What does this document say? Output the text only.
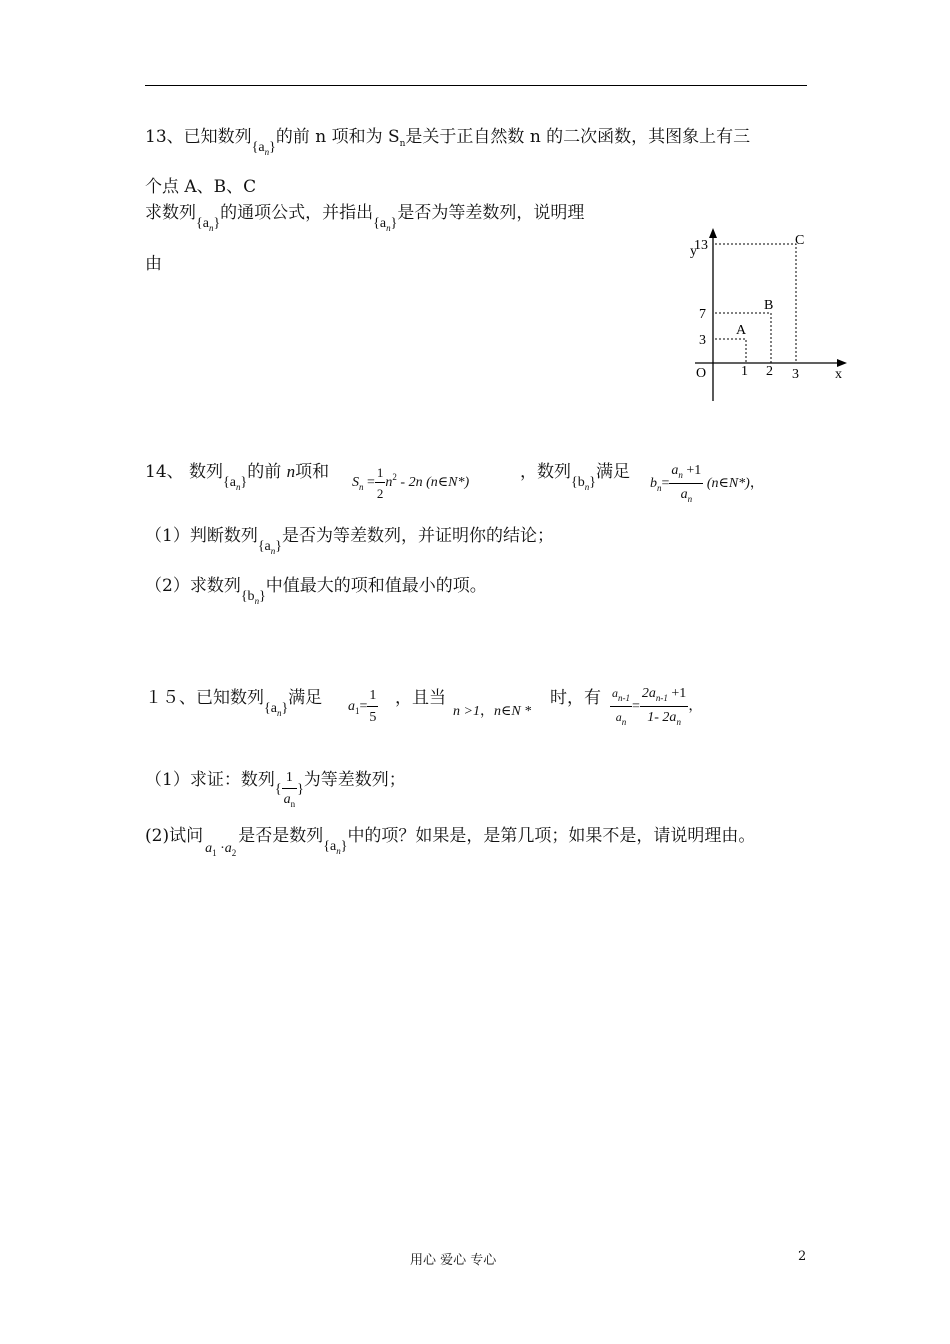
13、已知数列$_{\{a_n\}}$的前 n 项和为 $S_n$是关于正自然数 n 的二次函数，其图象上有三
个点 A、B、C
求数列$_{\{a_n\}}$的通项公式，并指出$_{\{a_n\}}$是否为等差数列，说明理
由
y
x
O
13
7
3
1 2 3
A
B
C
14、 数列$_{\{a_n\}}$的前 n项和
$S_n = \frac{1}{2} n^2 - 2n$ (n∈N*)
，数列$_{\{b_n\}}$满足
$b_n= \frac{a_n +1}{a_n}$ (n∈N*)，
（1）判断数列$_{\{a_n\}}$是否为等差数列，并证明你的结论；
（2）求数列$_{\{b_n\}}$中值最大的项和值最小的项。
１５、已知数列$_{\{a_n\}}$满足 $a_1= \frac{1}{5}$ ，且当
n >1，n∈N *
时，有 $\frac{a_{n-1}}{a_n} = \frac{2a_{n-1} +1}{1- 2a_n}$ ，
（1）求证：数列$_{\{ \frac{1}{a_n} \}}$为等差数列；
(2)试问$_{a_1 \cdot a_2}$是否是数列$_{\{a_n\}}$中的项？如果是，是第几项；如果不是，请说明理由。
用心 爱心 专心	2
